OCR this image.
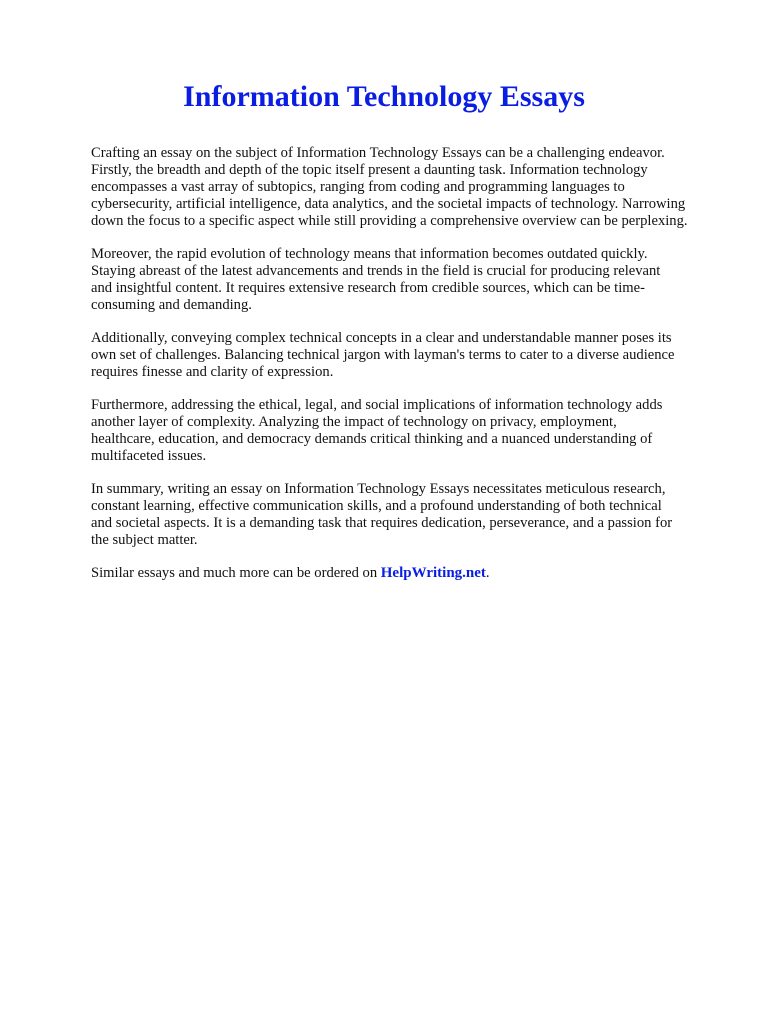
Information Technology Essays

Crafting an essay on the subject of Information Technology Essays can be a challenging endeavor.
Firstly, the breadth and depth of the topic itself present a daunting task. Information technology
encompasses a vast array of subtopics, ranging from coding and programming languages to
cybersecurity, artificial intelligence, data analytics, and the societal impacts of technology. Narrowing
down the focus to a specific aspect while still providing a comprehensive overview can be perplexing.

Moreover, the rapid evolution of technology means that information becomes outdated quickly.
Staying abreast of the latest advancements and trends in the field is crucial for producing relevant
and insightful content. It requires extensive research from credible sources, which can be time-
consuming and demanding.

Additionally, conveying complex technical concepts in a clear and understandable manner poses its
own set of challenges. Balancing technical jargon with layman's terms to cater to a diverse audience
requires finesse and clarity of expression.

Furthermore, addressing the ethical, legal, and social implications of information technology adds
another layer of complexity. Analyzing the impact of technology on privacy, employment,
healthcare, education, and democracy demands critical thinking and a nuanced understanding of
multifaceted issues.

In summary, writing an essay on Information Technology Essays necessitates meticulous research,
constant learning, effective communication skills, and a profound understanding of both technical
and societal aspects. It is a demanding task that requires dedication, perseverance, and a passion for
the subject matter.

Similar essays and much more can be ordered on HelpWriting.net.
